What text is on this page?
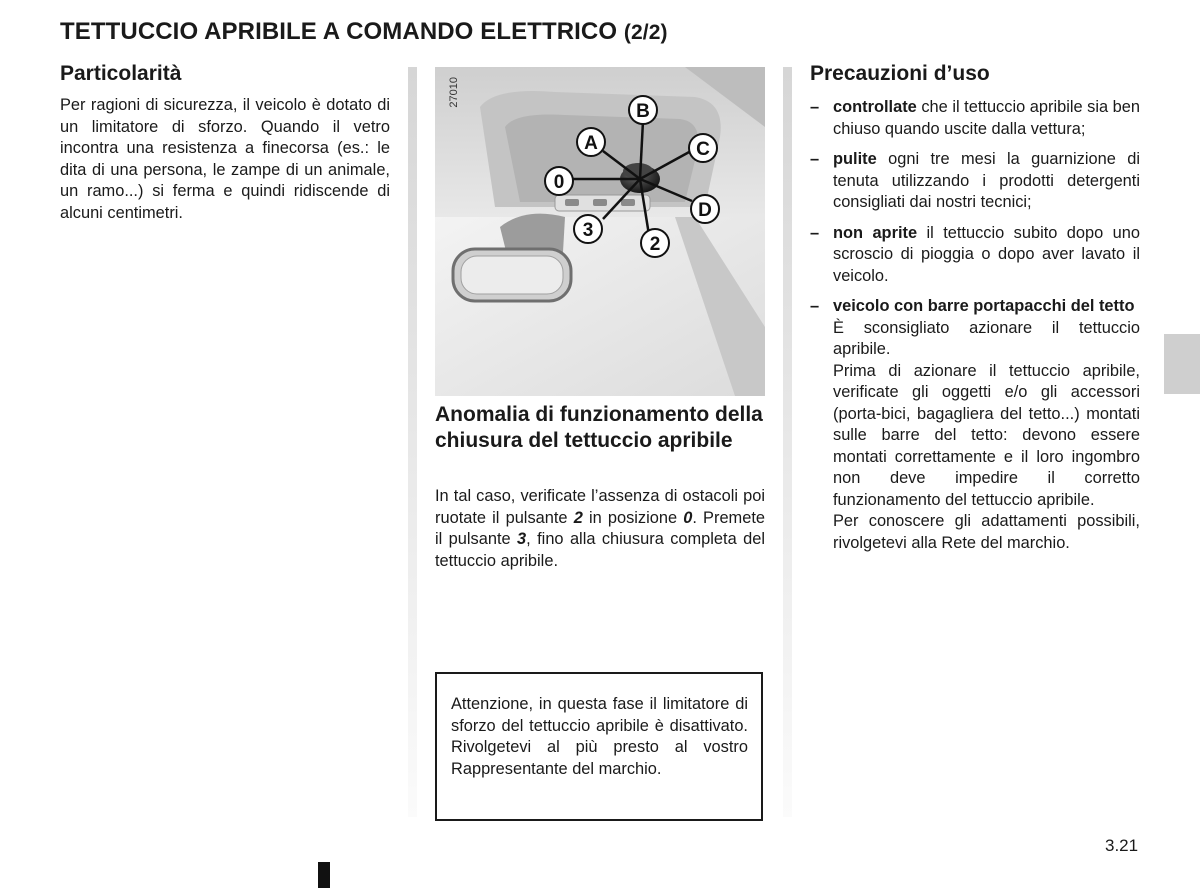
TETTUCCIO APRIBILE A COMANDO ELETTRICO (2/2)
Particolarità

Per ragioni di sicurezza, il veicolo è dotato di un limitatore di sforzo. Quando il vetro incontra una resistenza a finecorsa (es.: le dita di una persona, le zampe di un animale, un ramo...) si ferma e quindi ridiscende di alcuni centimetri.

27010
B
A	C
D
0
3
2
Anomalia di funzionamento della chiusura del tettuccio apribile

In tal caso, verificate l’assenza di ostacoli poi ruotate il pulsante 2 in posizione 0. Premete il pulsante 3, fino alla chiusura completa del tettuccio apribile.

Attenzione, in questa fase il limitatore di sforzo del tettuccio apribile è disattivato. Rivolgetevi al più presto al vostro Rappresentante del marchio.
Precauzioni d’uso
– controllate che il tettuccio apribile sia ben chiuso quando uscite dalla vettura;
– pulite ogni tre mesi la guarnizione di tenuta utilizzando i prodotti detergenti consigliati dai nostri tecnici;
– non aprite il tettuccio subito dopo uno scroscio di pioggia o dopo aver lavato il veicolo.
– veicolo con barre portapacchi del tetto
È sconsigliato azionare il tettuccio apribile.
Prima di azionare il tettuccio apribile, verificate gli oggetti e/o gli accessori (porta-bici, bagagliera del tetto...) montati sulle barre del tetto: devono essere montati correttamente e il loro ingombro non deve impedire il corretto funzionamento del tettuccio apribile.
Per conoscere gli adattamenti possibili, rivolgetevi alla Rete del marchio.
3.21
